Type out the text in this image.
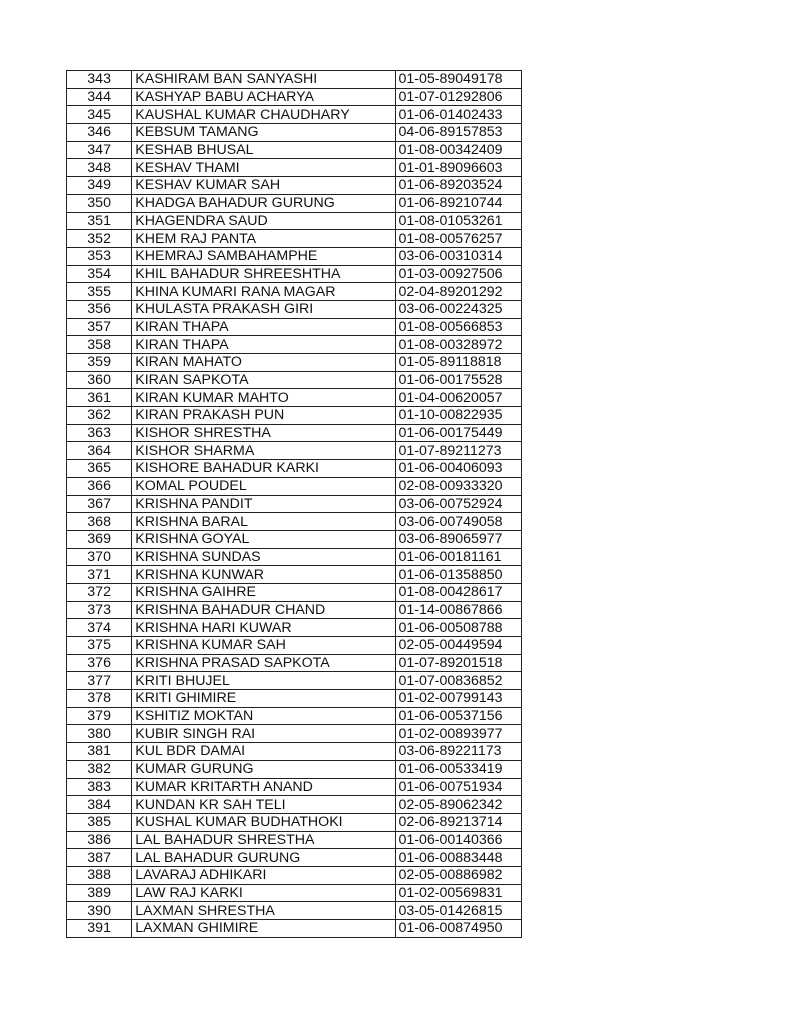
343	KASHIRAM BAN SANYASHI	01-05-89049178
344	KASHYAP BABU ACHARYA	01-07-01292806
345	KAUSHAL KUMAR CHAUDHARY	01-06-01402433
346	KEBSUM TAMANG	04-06-89157853
347	KESHAB BHUSAL	01-08-00342409
348	KESHAV THAMI	01-01-89096603
349	KESHAV KUMAR SAH	01-06-89203524
350	KHADGA BAHADUR GURUNG	01-06-89210744
351	KHAGENDRA SAUD	01-08-01053261
352	KHEM RAJ PANTA	01-08-00576257
353	KHEMRAJ SAMBAHAMPHE	03-06-00310314
354	KHIL BAHADUR SHREESHTHA	01-03-00927506
355	KHINA KUMARI RANA MAGAR	02-04-89201292
356	KHULASTA PRAKASH GIRI	03-06-00224325
357	KIRAN THAPA	01-08-00566853
358	KIRAN THAPA	01-08-00328972
359	KIRAN MAHATO	01-05-89118818
360	KIRAN SAPKOTA	01-06-00175528
361	KIRAN KUMAR MAHTO	01-04-00620057
362	KIRAN PRAKASH PUN	01-10-00822935
363	KISHOR SHRESTHA	01-06-00175449
364	KISHOR SHARMA	01-07-89211273
365	KISHORE BAHADUR KARKI	01-06-00406093
366	KOMAL POUDEL	02-08-00933320
367	KRISHNA PANDIT	03-06-00752924
368	KRISHNA BARAL	03-06-00749058
369	KRISHNA GOYAL	03-06-89065977
370	KRISHNA SUNDAS	01-06-00181161
371	KRISHNA KUNWAR	01-06-01358850
372	KRISHNA GAIHRE	01-08-00428617
373	KRISHNA BAHADUR CHAND	01-14-00867866
374	KRISHNA HARI KUWAR	01-06-00508788
375	KRISHNA KUMAR SAH	02-05-00449594
376	KRISHNA PRASAD SAPKOTA	01-07-89201518
377	KRITI BHUJEL	01-07-00836852
378	KRITI GHIMIRE	01-02-00799143
379	KSHITIZ MOKTAN	01-06-00537156
380	KUBIR SINGH RAI	01-02-00893977
381	KUL BDR DAMAI	03-06-89221173
382	KUMAR GURUNG	01-06-00533419
383	KUMAR KRITARTH ANAND	01-06-00751934
384	KUNDAN KR SAH TELI	02-05-89062342
385	KUSHAL KUMAR BUDHATHOKI	02-06-89213714
386	LAL BAHADUR SHRESTHA	01-06-00140366
387	LAL BAHADUR GURUNG	01-06-00883448
388	LAVARAJ ADHIKARI	02-05-00886982
389	LAW RAJ KARKI	01-02-00569831
390	LAXMAN SHRESTHA	03-05-01426815
391	LAXMAN GHIMIRE	01-06-00874950
